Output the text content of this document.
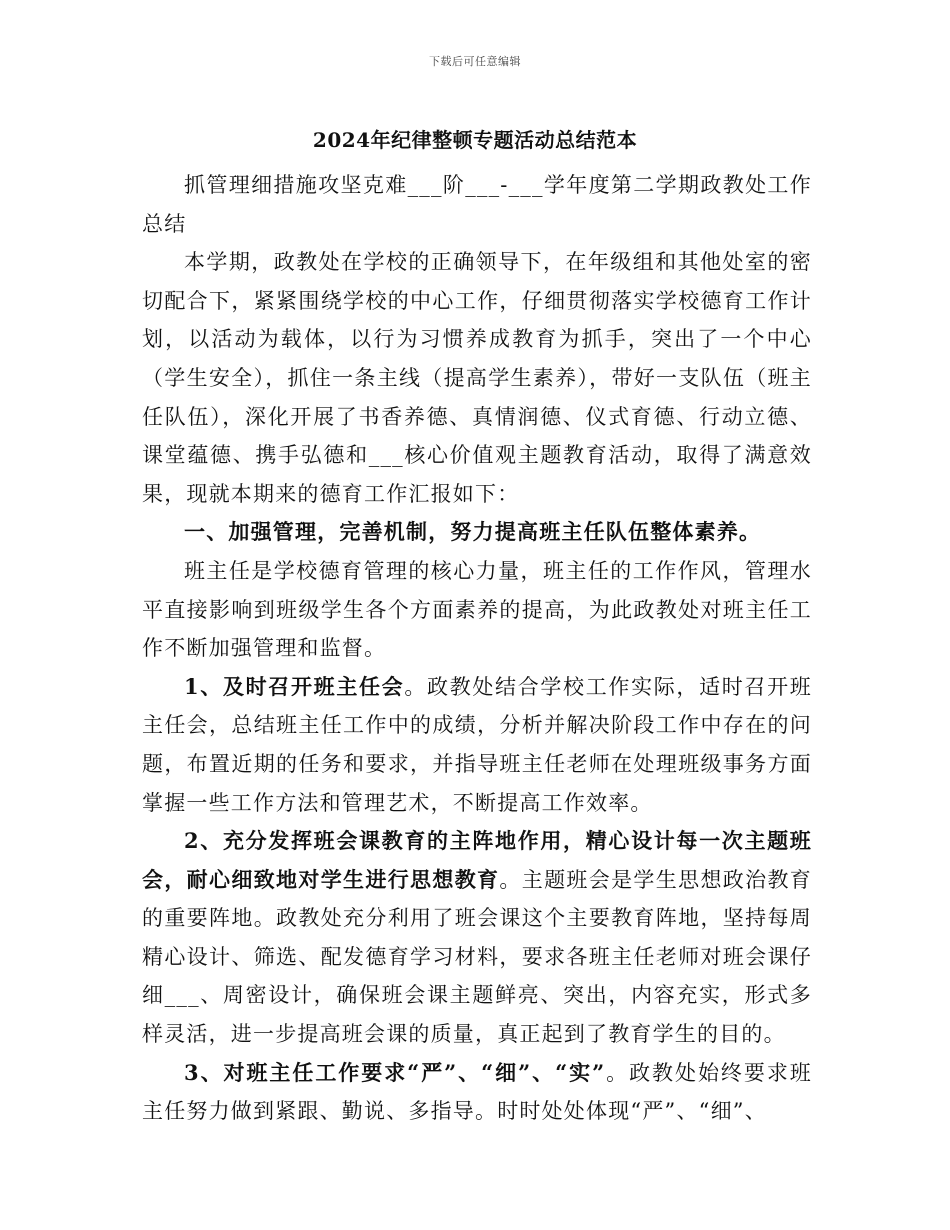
下载后可任意编辑
2024年纪律整顿专题活动总结范本

抓管理细措施攻坚克难___阶___-___学年度第二学期政教处工作总结

本学期，政教处在学校的正确领导下，在年级组和其他处室的密切配合下，紧紧围绕学校的中心工作，仔细贯彻落实学校德育工作计划，以活动为载体，以行为习惯养成教育为抓手，突出了一个中心（学生安全），抓住一条主线（提高学生素养），带好一支队伍（班主任队伍），深化开展了书香养德、真情润德、仪式育德、行动立德、课堂蕴德、携手弘德和___核心价值观主题教育活动，取得了满意效果，现就本期来的德育工作汇报如下：

一、加强管理，完善机制，努力提高班主任队伍整体素养。

班主任是学校德育管理的核心力量，班主任的工作作风，管理水平直接影响到班级学生各个方面素养的提高，为此政教处对班主任工作不断加强管理和监督。

1、及时召开班主任会。政教处结合学校工作实际，适时召开班主任会，总结班主任工作中的成绩，分析并解决阶段工作中存在的问题，布置近期的任务和要求，并指导班主任老师在处理班级事务方面掌握一些工作方法和管理艺术，不断提高工作效率。

2、充分发挥班会课教育的主阵地作用，精心设计每一次主题班会，耐心细致地对学生进行思想教育。主题班会是学生思想政治教育的重要阵地。政教处充分利用了班会课这个主要教育阵地，坚持每周精心设计、筛选、配发德育学习材料，要求各班主任老师对班会课仔细___、周密设计，确保班会课主题鲜亮、突出，内容充实，形式多样灵活，进一步提高班会课的质量，真正起到了教育学生的目的。

3、对班主任工作要求“严”、“细”、“实”。政教处始终要求班主任努力做到紧跟、勤说、多指导。时时处处体现“严”、“细”、
